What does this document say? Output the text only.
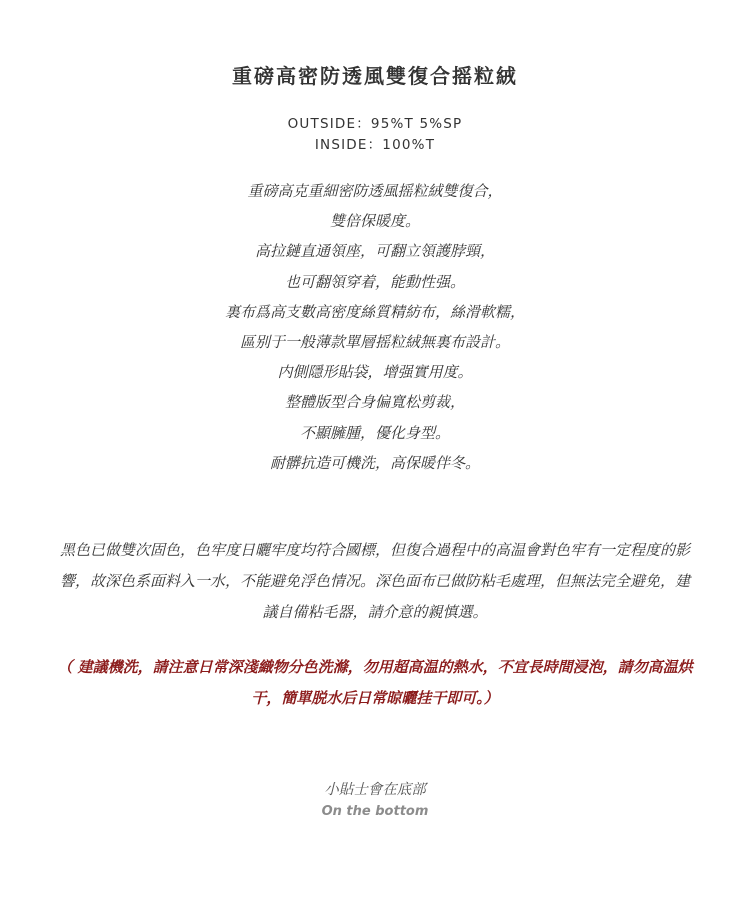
重磅高密防透風雙復合摇粒絨
OUTSIDE：95%T 5%SP
INSIDE：100%T
重磅高克重細密防透風摇粒絨雙復合，
雙倍保暖度。
高拉鏈直通領座，可翻立領護脖頸，
也可翻領穿着，能動性强。
裏布爲高支數高密度絲質精紡布，絲滑軟糯，
區别于一般薄款單層摇粒絨無裏布設計。
内側隱形貼袋，增强實用度。
整體版型合身偏寬松剪裁，
不顯臃腫，優化身型。
耐髒抗造可機洗，高保暖伴冬。
黑色已做雙次固色，色牢度日曬牢度均符合國標，但復合過程中的高温會對色牢有一定程度的影響，故深色系面料入一水，不能避免浮色情况。深色面布已做防粘毛處理，但無法完全避免，建議自備粘毛器，請介意的親慎選。
（ 建議機洗，請注意日常深淺織物分色洗滌，勿用超高温的熱水，不宜長時間浸泡，請勿高温烘干，簡單脱水后日常晾曬挂干即可。）
小貼士會在底部
On the bottom
